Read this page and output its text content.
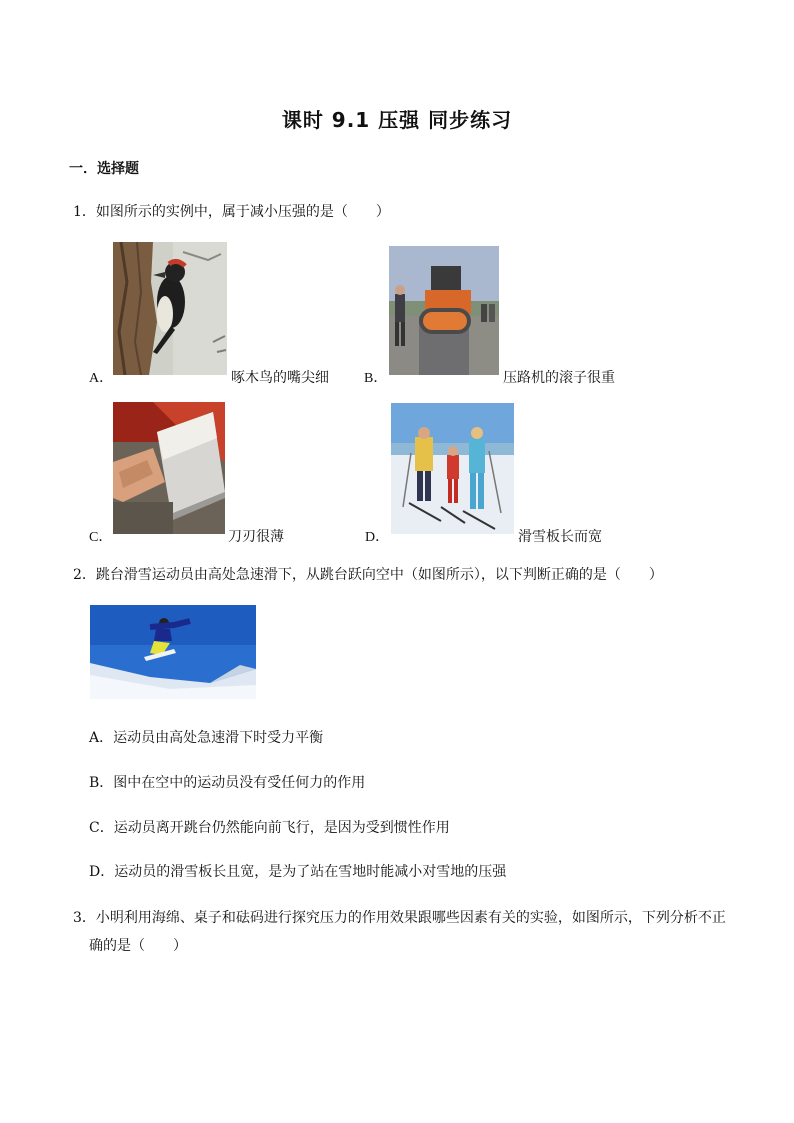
课时 9.1 压强 同步练习
一．选择题
1．如图所示的实例中，属于减小压强的是（　　）
A．	啄木鸟的嘴尖细	B．	压路机的滚子很重
C．	刀刃很薄	D．	滑雪板长而宽
2．跳台滑雪运动员由高处急速滑下，从跳台跃向空中（如图所示），以下判断正确的是（　　）
A．运动员由高处急速滑下时受力平衡
B．图中在空中的运动员没有受任何力的作用
C．运动员离开跳台仍然能向前飞行，是因为受到惯性作用
D．运动员的滑雪板长且宽，是为了站在雪地时能减小对雪地的压强
3．小明利用海绵、桌子和砝码进行探究压力的作用效果跟哪些因素有关的实验，如图所示，下列分析不正
确的是（　　）
